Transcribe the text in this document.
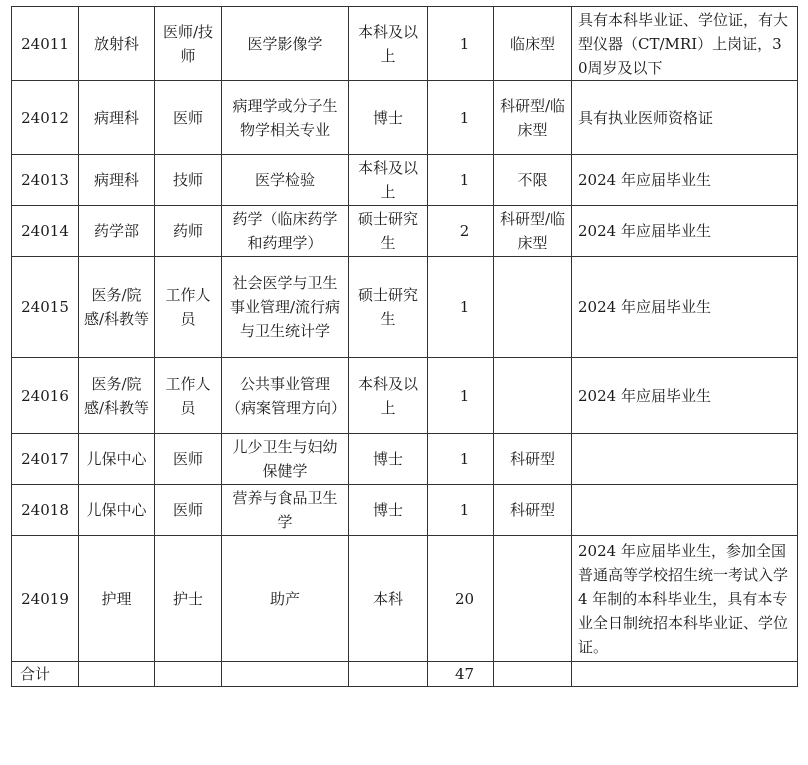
24011	放射科	医师/技师	医学影像学	本科及以上	1	临床型	具有本科毕业证、学位证，有大型仪器（CT/MRI）上岗证，30周岁及以下
24012	病理科	医师	病理学或分子生物学相关专业	博士	1	科研型/临床型	具有执业医师资格证
24013	病理科	技师	医学检验	本科及以上	1	不限	2024 年应届毕业生
24014	药学部	药师	药学（临床药学和药理学）	硕士研究生	2	科研型/临床型	2024 年应届毕业生
24015	医务/院感/科教等	工作人员	社会医学与卫生事业管理/流行病与卫生统计学	硕士研究生	1		2024 年应届毕业生
24016	医务/院感/科教等	工作人员	公共事业管理（病案管理方向）	本科及以上	1		2024 年应届毕业生
24017	儿保中心	医师	儿少卫生与妇幼保健学	博士	1	科研型	
24018	儿保中心	医师	营养与食品卫生学	博士	1	科研型	
24019	护理	护士	助产	本科	20		2024 年应届毕业生，参加全国普通高等学校招生统一考试入学 4 年制的本科毕业生，具有本专业全日制统招本科毕业证、学位证。
合计					47		
